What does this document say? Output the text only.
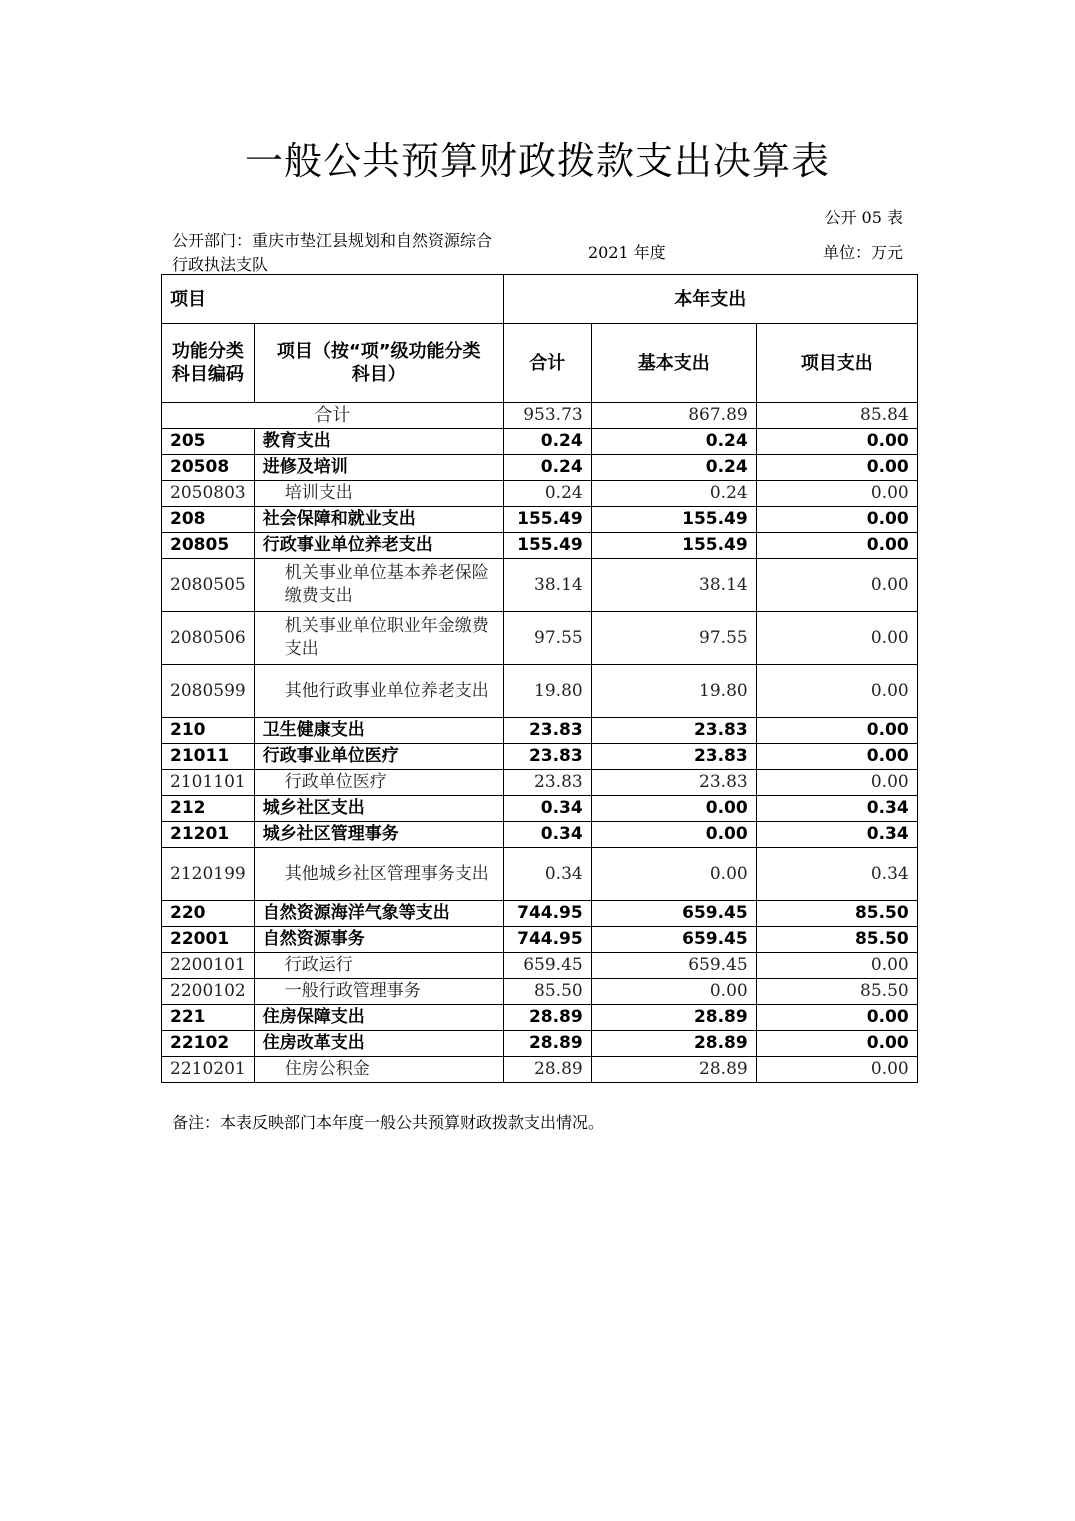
一般公共预算财政拨款支出决算表
公开 05 表
公开部门：重庆市垫江县规划和自然资源综合行政执法支队
2021 年度	单位：万元
项目		本年支出		
功能分类科目编码	项目（按“项”级功能分类科目）	合计	基本支出	项目支出
合计		953.73	867.89	85.84
205	教育支出	0.24	0.24	0.00
20508	进修及培训	0.24	0.24	0.00
2050803	培训支出	0.24	0.24	0.00
208	社会保障和就业支出	155.49	155.49	0.00
20805	行政事业单位养老支出	155.49	155.49	0.00
2080505	机关事业单位基本养老保险缴费支出	38.14	38.14	0.00
2080506	机关事业单位职业年金缴费支出	97.55	97.55	0.00
2080599	其他行政事业单位养老支出	19.80	19.80	0.00
210	卫生健康支出	23.83	23.83	0.00
21011	行政事业单位医疗	23.83	23.83	0.00
2101101	行政单位医疗	23.83	23.83	0.00
212	城乡社区支出	0.34	0.00	0.34
21201	城乡社区管理事务	0.34	0.00	0.34
2120199	其他城乡社区管理事务支出	0.34	0.00	0.34
220	自然资源海洋气象等支出	744.95	659.45	85.50
22001	自然资源事务	744.95	659.45	85.50
2200101	行政运行	659.45	659.45	0.00
2200102	一般行政管理事务	85.50	0.00	85.50
221	住房保障支出	28.89	28.89	0.00
22102	住房改革支出	28.89	28.89	0.00
2210201	住房公积金	28.89	28.89	0.00
备注：本表反映部门本年度一般公共预算财政拨款支出情况。
